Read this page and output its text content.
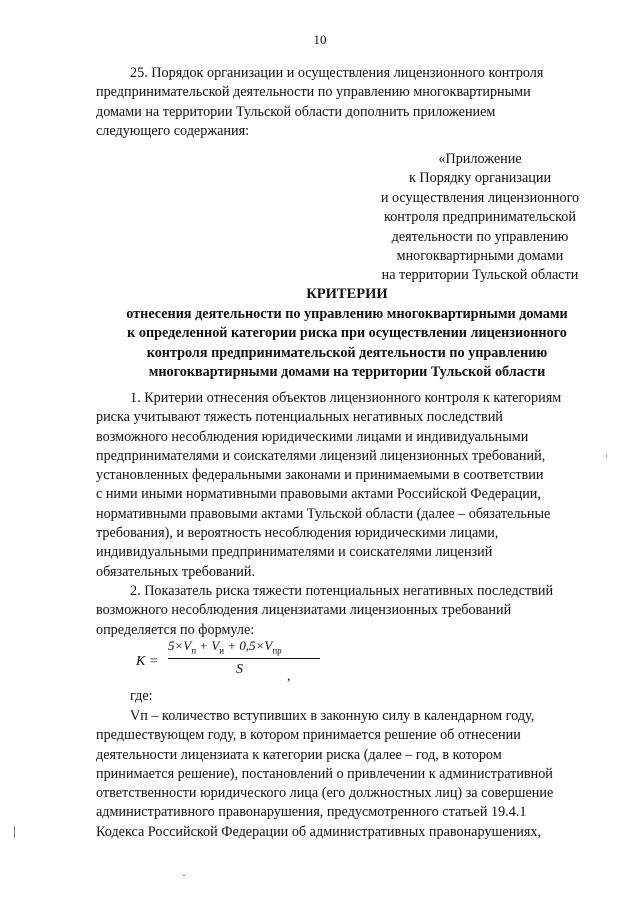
10

25. Порядок организации и осуществления лицензионного контроля

предпринимательской деятельности по управлению многоквартирными

домами на территории Тульской области дополнить приложением

следующего содержания:

«Приложение
к Порядку организации
и осуществления лицензионного
контроля предпринимательской
деятельности по управлению
многоквартирными домами
на территории Тульской области
КРИТЕРИИ
отнесения деятельности по управлению многоквартирными домами
к определенной категории риска при осуществлении лицензионного
контроля предпринимательской деятельности по управлению
многоквартирными домами на территории Тульской области

1. Критерии отнесения объектов лицензионного контроля к категориям

риска учитывают тяжесть потенциальных негативных последствий

возможного несоблюдения юридическими лицами и индивидуальными

предпринимателями и соискателями лицензий лицензионных требований,

установленных федеральными законами и принимаемыми в соответствии

с ними иными нормативными правовыми актами Российской Федерации,

нормативными правовыми актами Тульской области (далее – обязательные

требования), и вероятность несоблюдения юридическими лицами,

индивидуальными предпринимателями и соискателями лицензий

обязательных требований.

2. Показатель риска тяжести потенциальных негативных последствий

возможного несоблюдения лицензиатами лицензионных требований

определяется по формуле:

K =
$5\times V_п + V_и + 0,5\times V_{пр}$
S	,
где:

Vп – количество вступивших в законную силу в календарном году,

предшествующем году, в котором принимается решение об отнесении

деятельности лицензиата к категории риска (далее – год, в котором

принимается решение), постановлений о привлечении к административной

ответственности юридического лица (его должностных лиц) за совершение

административного правонарушения, предусмотренного статьей 19.4.1

Кодекса Российской Федерации об административных правонарушениях,
